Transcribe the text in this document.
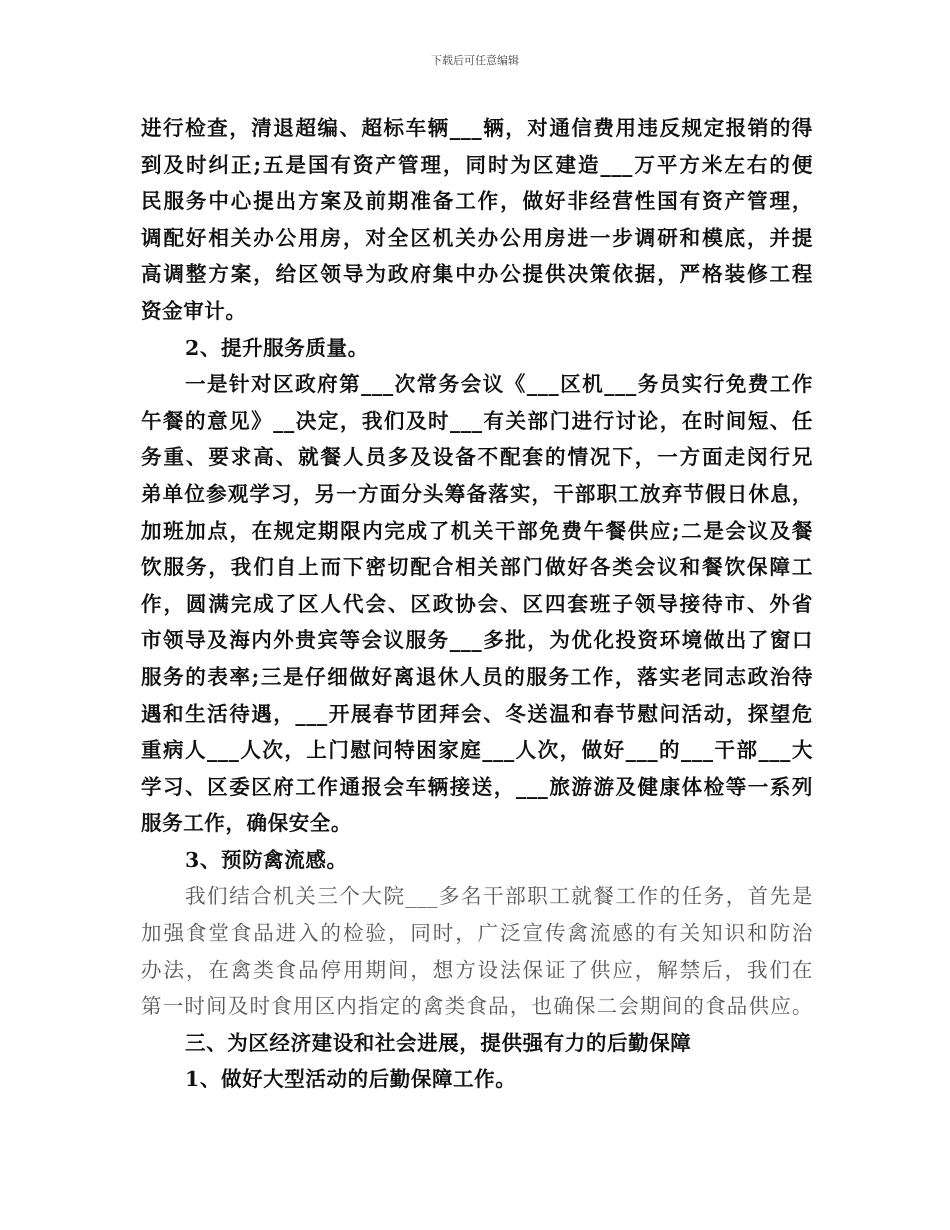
下载后可任意编辑
进行检查，清退超编、超标车辆___辆，对通信费用违反规定报销的得
到及时纠正;五是国有资产管理，同时为区建造___万平方米左右的便
民服务中心提出方案及前期准备工作，做好非经营性国有资产管理，
调配好相关办公用房，对全区机关办公用房进一步调研和模底，并提
高调整方案，给区领导为政府集中办公提供决策依据，严格装修工程
资金审计。
2、提升服务质量。
一是针对区政府第___次常务会议《___区机___务员实行免费工作
午餐的意见》__决定，我们及时___有关部门进行讨论，在时间短、任
务重、要求高、就餐人员多及设备不配套的情况下，一方面走闵行兄
弟单位参观学习，另一方面分头筹备落实，干部职工放弃节假日休息，
加班加点，在规定期限内完成了机关干部免费午餐供应;二是会议及餐
饮服务，我们自上而下密切配合相关部门做好各类会议和餐饮保障工
作，圆满完成了区人代会、区政协会、区四套班子领导接待市、外省
市领导及海内外贵宾等会议服务___多批，为优化投资环境做出了窗口
服务的表率;三是仔细做好离退休人员的服务工作，落实老同志政治待
遇和生活待遇，___开展春节团拜会、冬送温和春节慰问活动，探望危
重病人___人次，上门慰问特困家庭___人次，做好___的___干部___大
学习、区委区府工作通报会车辆接送，___旅游游及健康体检等一系列
服务工作，确保安全。
3、预防禽流感。
我们结合机关三个大院___多名干部职工就餐工作的任务，首先是
加强食堂食品进入的检验，同时，广泛宣传禽流感的有关知识和防治
办法，在禽类食品停用期间，想方设法保证了供应，解禁后，我们在
第一时间及时食用区内指定的禽类食品，也确保二会期间的食品供应。
三、为区经济建设和社会进展，提供强有力的后勤保障
1、做好大型活动的后勤保障工作。
